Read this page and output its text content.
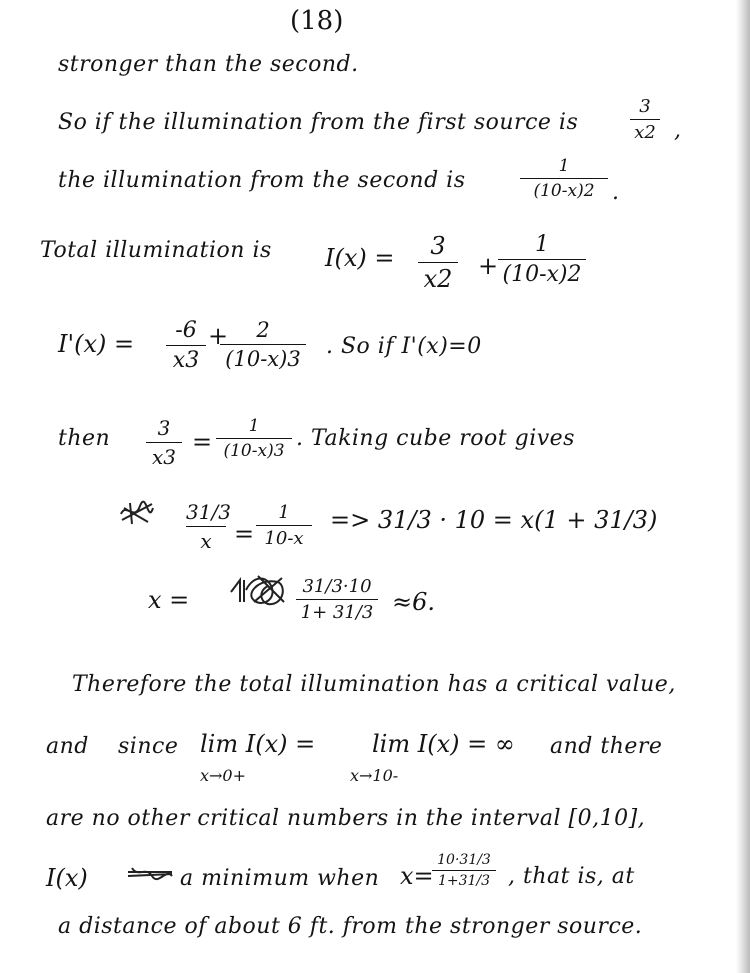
(18)
stronger than the second.
So if the illumination from the first source is
3
x2 ,
the illumination from the second is
1
(10-x)2 .
Total illumination is I(x) =	3
x2 +
1
(10-x)2
I'(x) =	-6
x3
+	2
(10-x)3 . So if I'(x)=0
then	3
x3
=
1
(10-x)3 . Taking cube root gives
31/3
x =
1
10-x
=> 31/3 · 10 = x(1 + 31/3)
x =	31/3·10
1+ 31/3 ≈6.
Therefore the total illumination has a critical value,
and since lim I(x) =
x→0+
lim I(x) = ∞
x→10-
and there
are no other critical numbers in the interval [0,10],
I(x)	a minimum when x=
10·31/3
1+31/3 , that is, at
a distance of about 6 ft. from the stronger source.
